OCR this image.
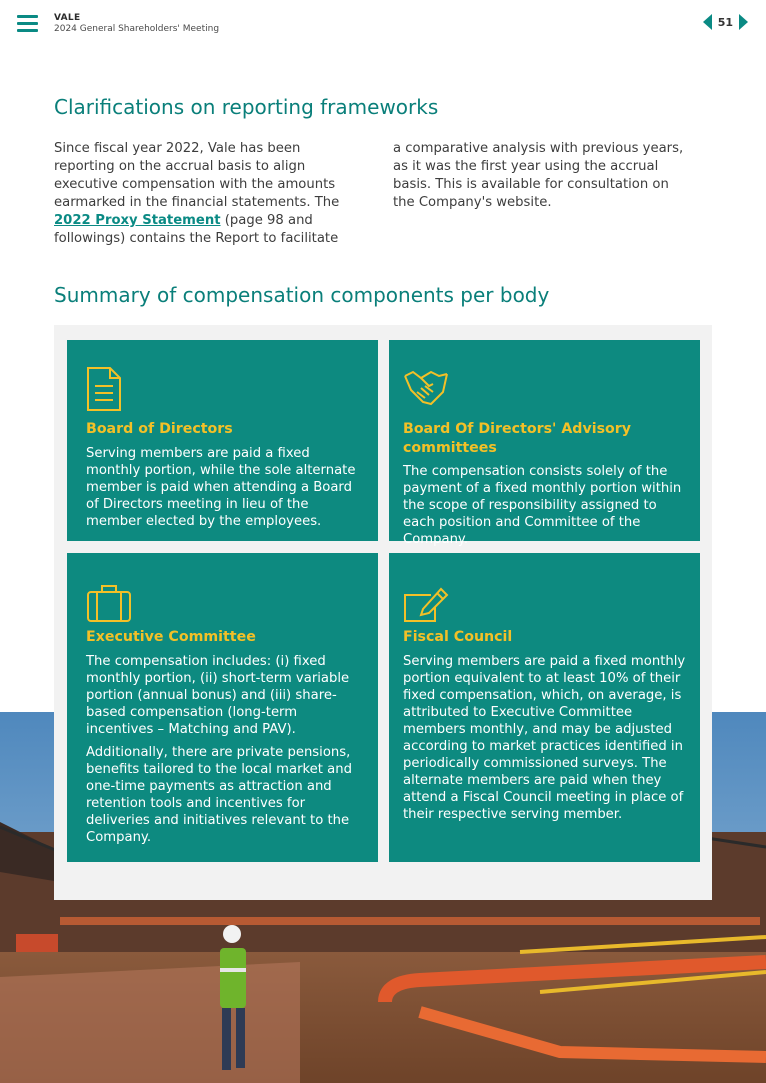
VALE
2024 General Shareholders' Meeting
51
Clarifications on reporting frameworks

Since fiscal year 2022, Vale has been reporting on the accrual basis to align executive compensation with the amounts earmarked in the financial statements. The 2022 Proxy Statement (page 98 and followings) contains the Report to facilitate

a comparative analysis with previous years, as it was the first year using the accrual basis. This is available for consultation on the Company's website.

Summary of compensation components per body
Board of Directors

Serving members are paid a fixed monthly portion, while the sole alternate member is paid when attending a Board of Directors meeting in lieu of the member elected by the employees.

Board Of Directors' Advisory committees

The compensation consists solely of the payment of a fixed monthly portion within the scope of responsibility assigned to each position and Committee of the Company.

Executive Committee

The compensation includes: (i) fixed monthly portion, (ii) short-term variable portion (annual bonus) and (iii) share-based compensation (long-term incentives – Matching and PAV).

Additionally, there are private pensions, benefits tailored to the local market and one-time payments as attraction and retention tools and incentives for deliveries and initiatives relevant to the Company.

Fiscal Council

Serving members are paid a fixed monthly portion equivalent to at least 10% of their fixed compensation, which, on average, is attributed to Executive Committee members monthly, and may be adjusted according to market practices identified in periodically commissioned surveys. The alternate members are paid when they attend a Fiscal Council meeting in place of their respective serving member.
